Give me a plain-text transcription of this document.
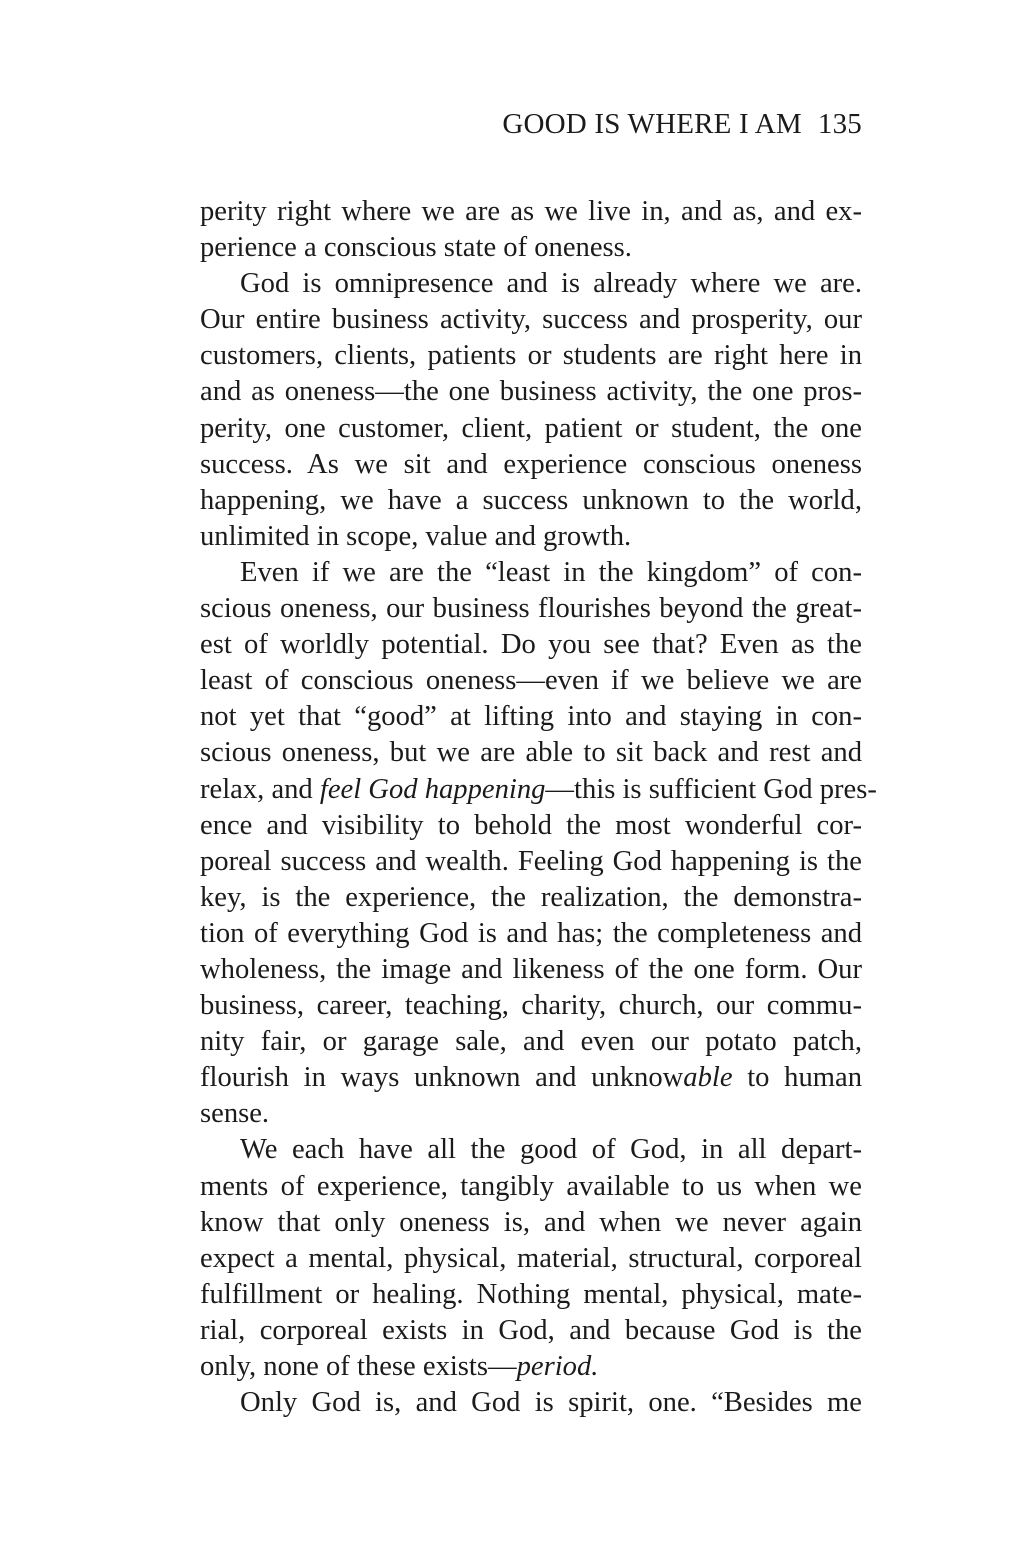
GOOD IS WHERE I AM 135
perity right where we are as we live in, and as, and ex-
perience a conscious state of oneness.
God is omnipresence and is already where we are.
Our entire business activity, success and prosperity, our
customers, clients, patients or students are right here in
and as oneness—the one business activity, the one pros-
perity, one customer, client, patient or student, the one
success. As we sit and experience conscious oneness
happening, we have a success unknown to the world,
unlimited in scope, value and growth.
Even if we are the “least in the kingdom” of con-
scious oneness, our business flourishes beyond the great-
est of worldly potential. Do you see that? Even as the
least of conscious oneness—even if we believe we are
not yet that “good” at lifting into and staying in con-
scious oneness, but we are able to sit back and rest and
relax, and feel God happening—this is sufficient God pres-
ence and visibility to behold the most wonderful cor-
poreal success and wealth. Feeling God happening is the
key, is the experience, the realization, the demonstra-
tion of everything God is and has; the completeness and
wholeness, the image and likeness of the one form. Our
business, career, teaching, charity, church, our commu-
nity fair, or garage sale, and even our potato patch,
flourish in ways unknown and unknowable to human
sense.
We each have all the good of God, in all depart-
ments of experience, tangibly available to us when we
know that only oneness is, and when we never again
expect a mental, physical, material, structural, corporeal
fulfillment or healing. Nothing mental, physical, mate-
rial, corporeal exists in God, and because God is the
only, none of these exists—period.
Only God is, and God is spirit, one. “Besides me
